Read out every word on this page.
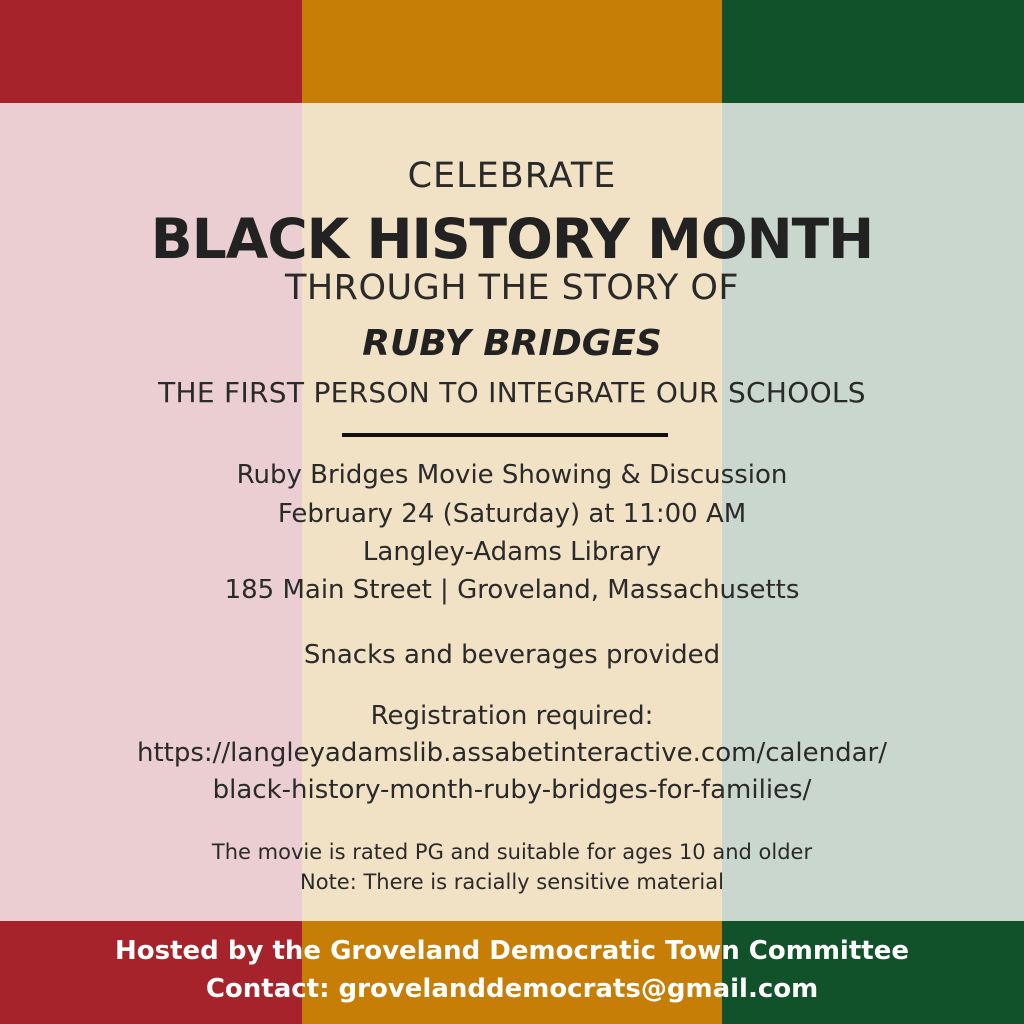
CELEBRATE
BLACK HISTORY MONTH
THROUGH THE STORY OF
RUBY BRIDGES
THE FIRST PERSON TO INTEGRATE OUR SCHOOLS
Ruby Bridges Movie Showing & Discussion
February 24 (Saturday) at 11:00 AM
Langley-Adams Library
185 Main Street | Groveland, Massachusetts
Snacks and beverages provided
Registration required:
https://langleyadamslib.assabetinteractive.com/calendar/
black-history-month-ruby-bridges-for-families/
The movie is rated PG and suitable for ages 10 and older
Note: There is racially sensitive material
Hosted by the Groveland Democratic Town Committee
Contact: grovelanddemocrats@gmail.com
